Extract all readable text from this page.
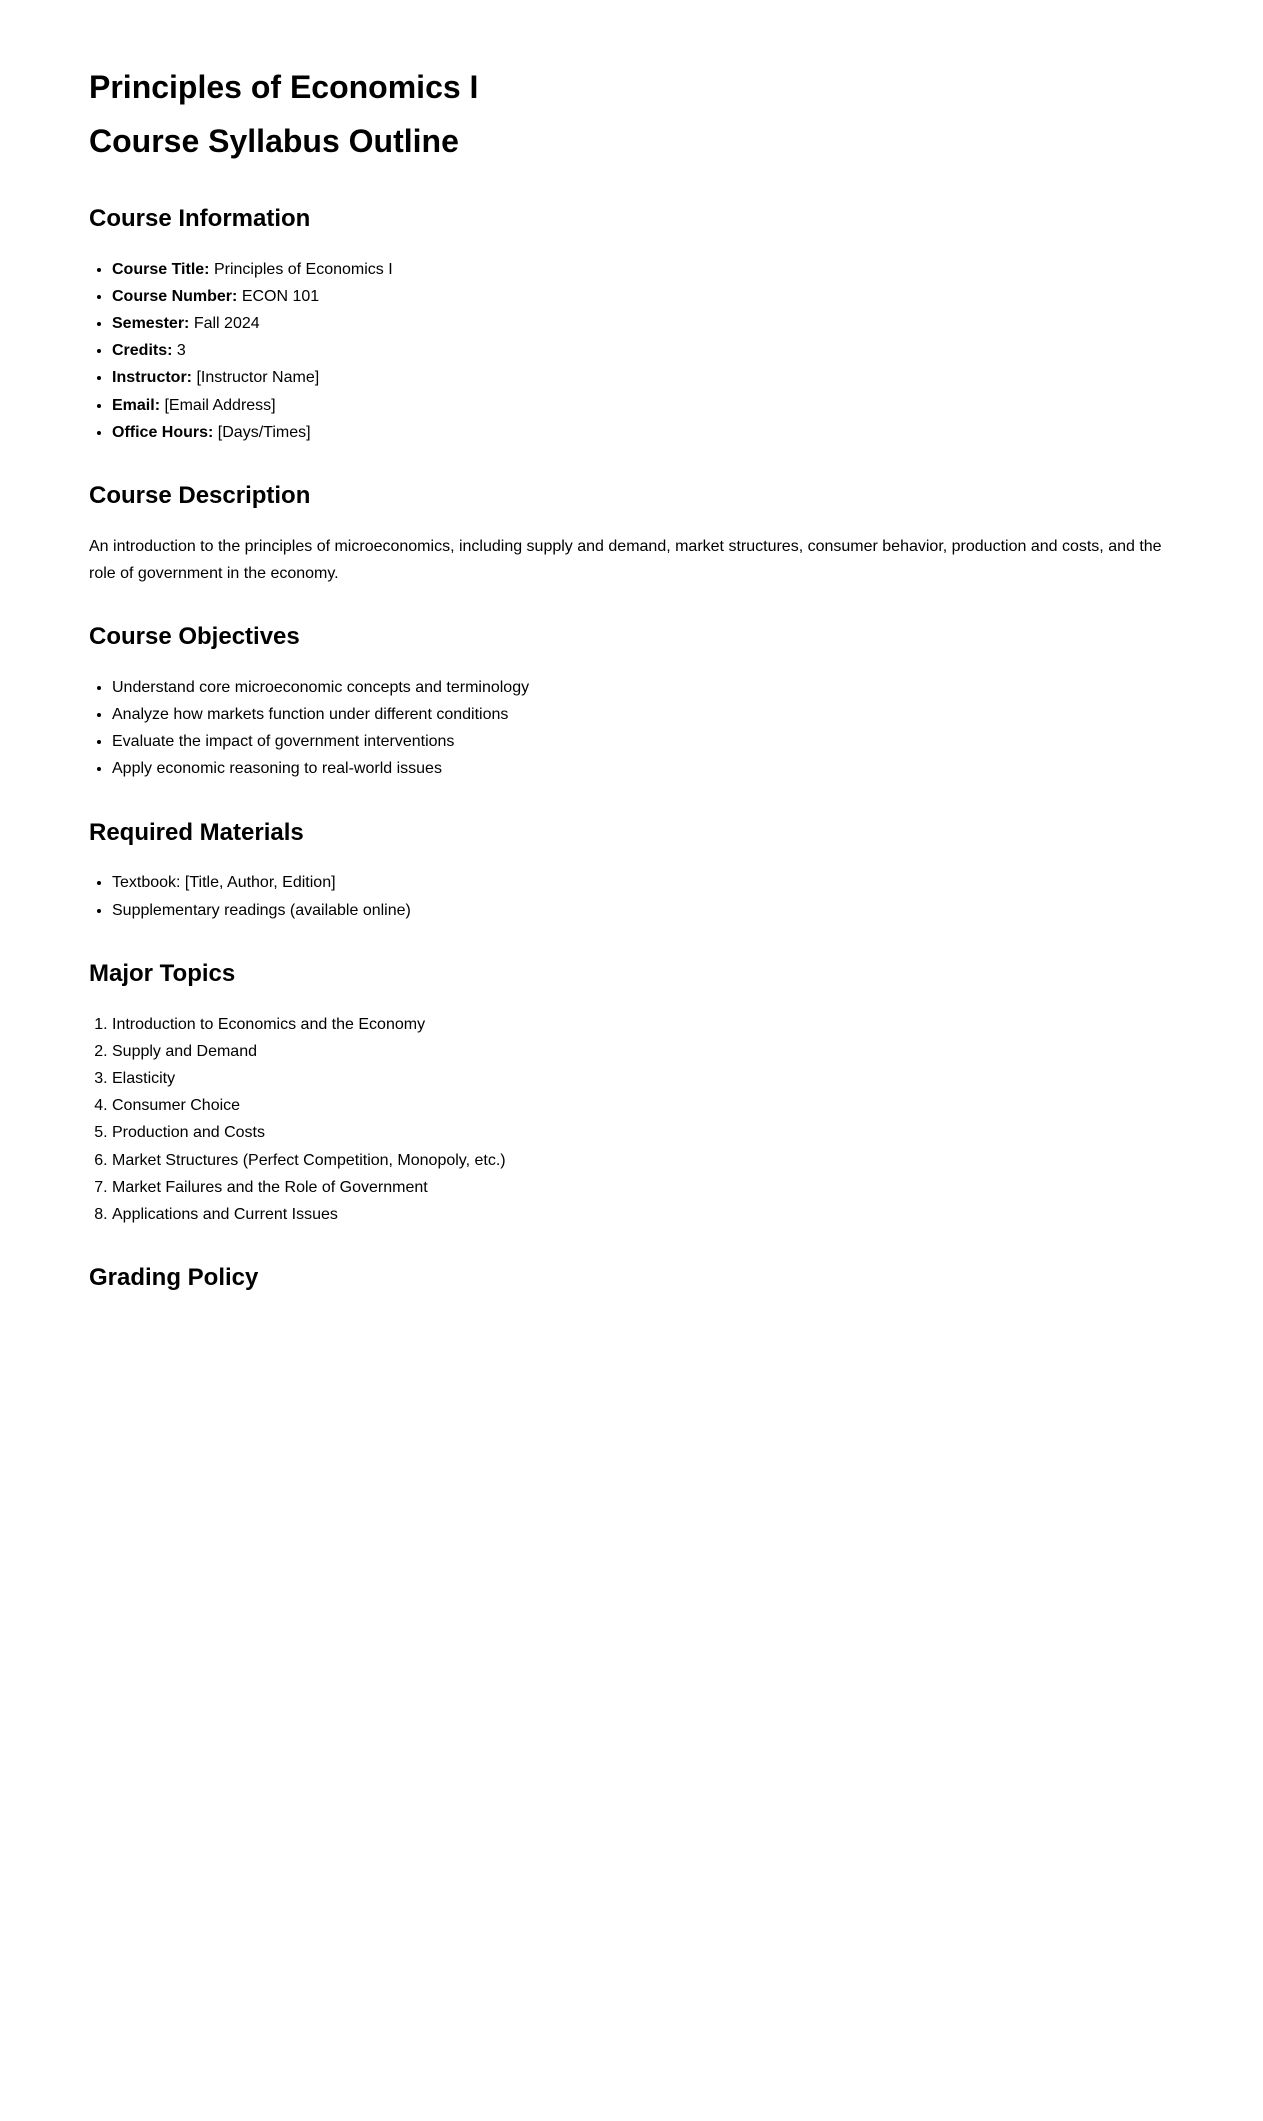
Principles of Economics I
Course Syllabus Outline
Course Information
• Course Title: Principles of Economics I
• Course Number: ECON 101
• Semester: Fall 2024
• Credits: 3
• Instructor: [Instructor Name]
• Email: [Email Address]
• Office Hours: [Days/Times]
Course Description

An introduction to the principles of microeconomics, including supply and demand, market structures, consumer behavior, production and costs, and the role of government in the economy.

Course Objectives
• Understand core microeconomic concepts and terminology
• Analyze how markets function under different conditions
• Evaluate the impact of government interventions
• Apply economic reasoning to real-world issues
Required Materials
• Textbook: [Title, Author, Edition]
• Supplementary readings (available online)
Major Topics
1. Introduction to Economics and the Economy
2. Supply and Demand
3. Elasticity
4. Consumer Choice
5. Production and Costs
6. Market Structures (Perfect Competition, Monopoly, etc.)
7. Market Failures and the Role of Government
8. Applications and Current Issues
Grading Policy
